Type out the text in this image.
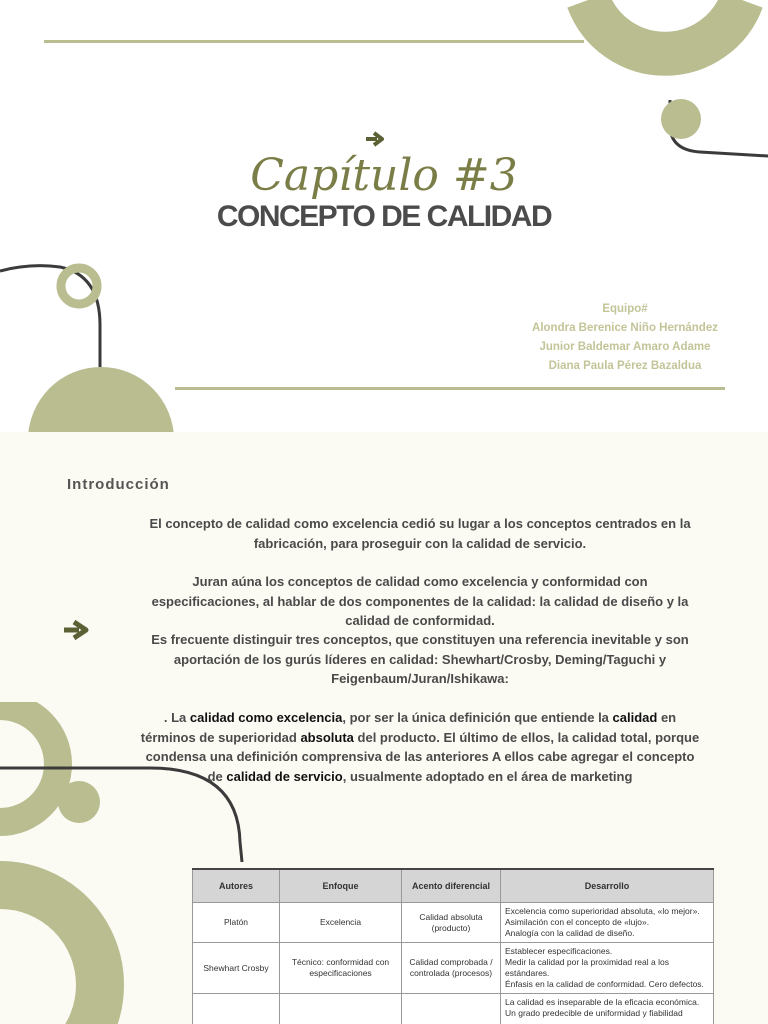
Capítulo #3
CONCEPTO DE CALIDAD
Equipo#
Alondra Berenice Niño Hernández
Junior Baldemar Amaro Adame
Diana Paula Pérez Bazaldua
Introducción
El concepto de calidad como excelencia cedió su lugar a los conceptos centrados en la fabricación, para proseguir con la calidad de servicio.
Juran aúna los conceptos de calidad como excelencia y conformidad con especificaciones, al hablar de dos componentes de la calidad: la calidad de diseño y la calidad de conformidad.
Es frecuente distinguir tres conceptos, que constituyen una referencia inevitable y son aportación de los gurús líderes en calidad: Shewhart/Crosby, Deming/Taguchi y Feigenbaum/Juran/Ishikawa:
. La calidad como excelencia, por ser la única definición que entiende la calidad en términos de superioridad absoluta del producto. El último de ellos, la calidad total, porque condensa una definición comprensiva de las anteriores A ellos cabe agregar el concepto de calidad de servicio, usualmente adoptado en el área de marketing
Autores	Enfoque	Acento diferencial	Desarrollo
Platón	Excelencia	Calidad absoluta (producto)	Excelencia como superioridad absoluta, «lo mejor».
Asimilación con el concepto de «lujo».
Analogía con la calidad de diseño.

Shewhart Crosby	Técnico: conformidad con especificaciones	Calidad comprobada / controlada (procesos)	Establecer especificaciones.
Medir la calidad por la proximidad real a los estándares.
Énfasis en la calidad de conformidad. Cero defectos.

			La calidad es inseparable de la eficacia económica.
Un grado predecible de uniformidad y fiabilidad
